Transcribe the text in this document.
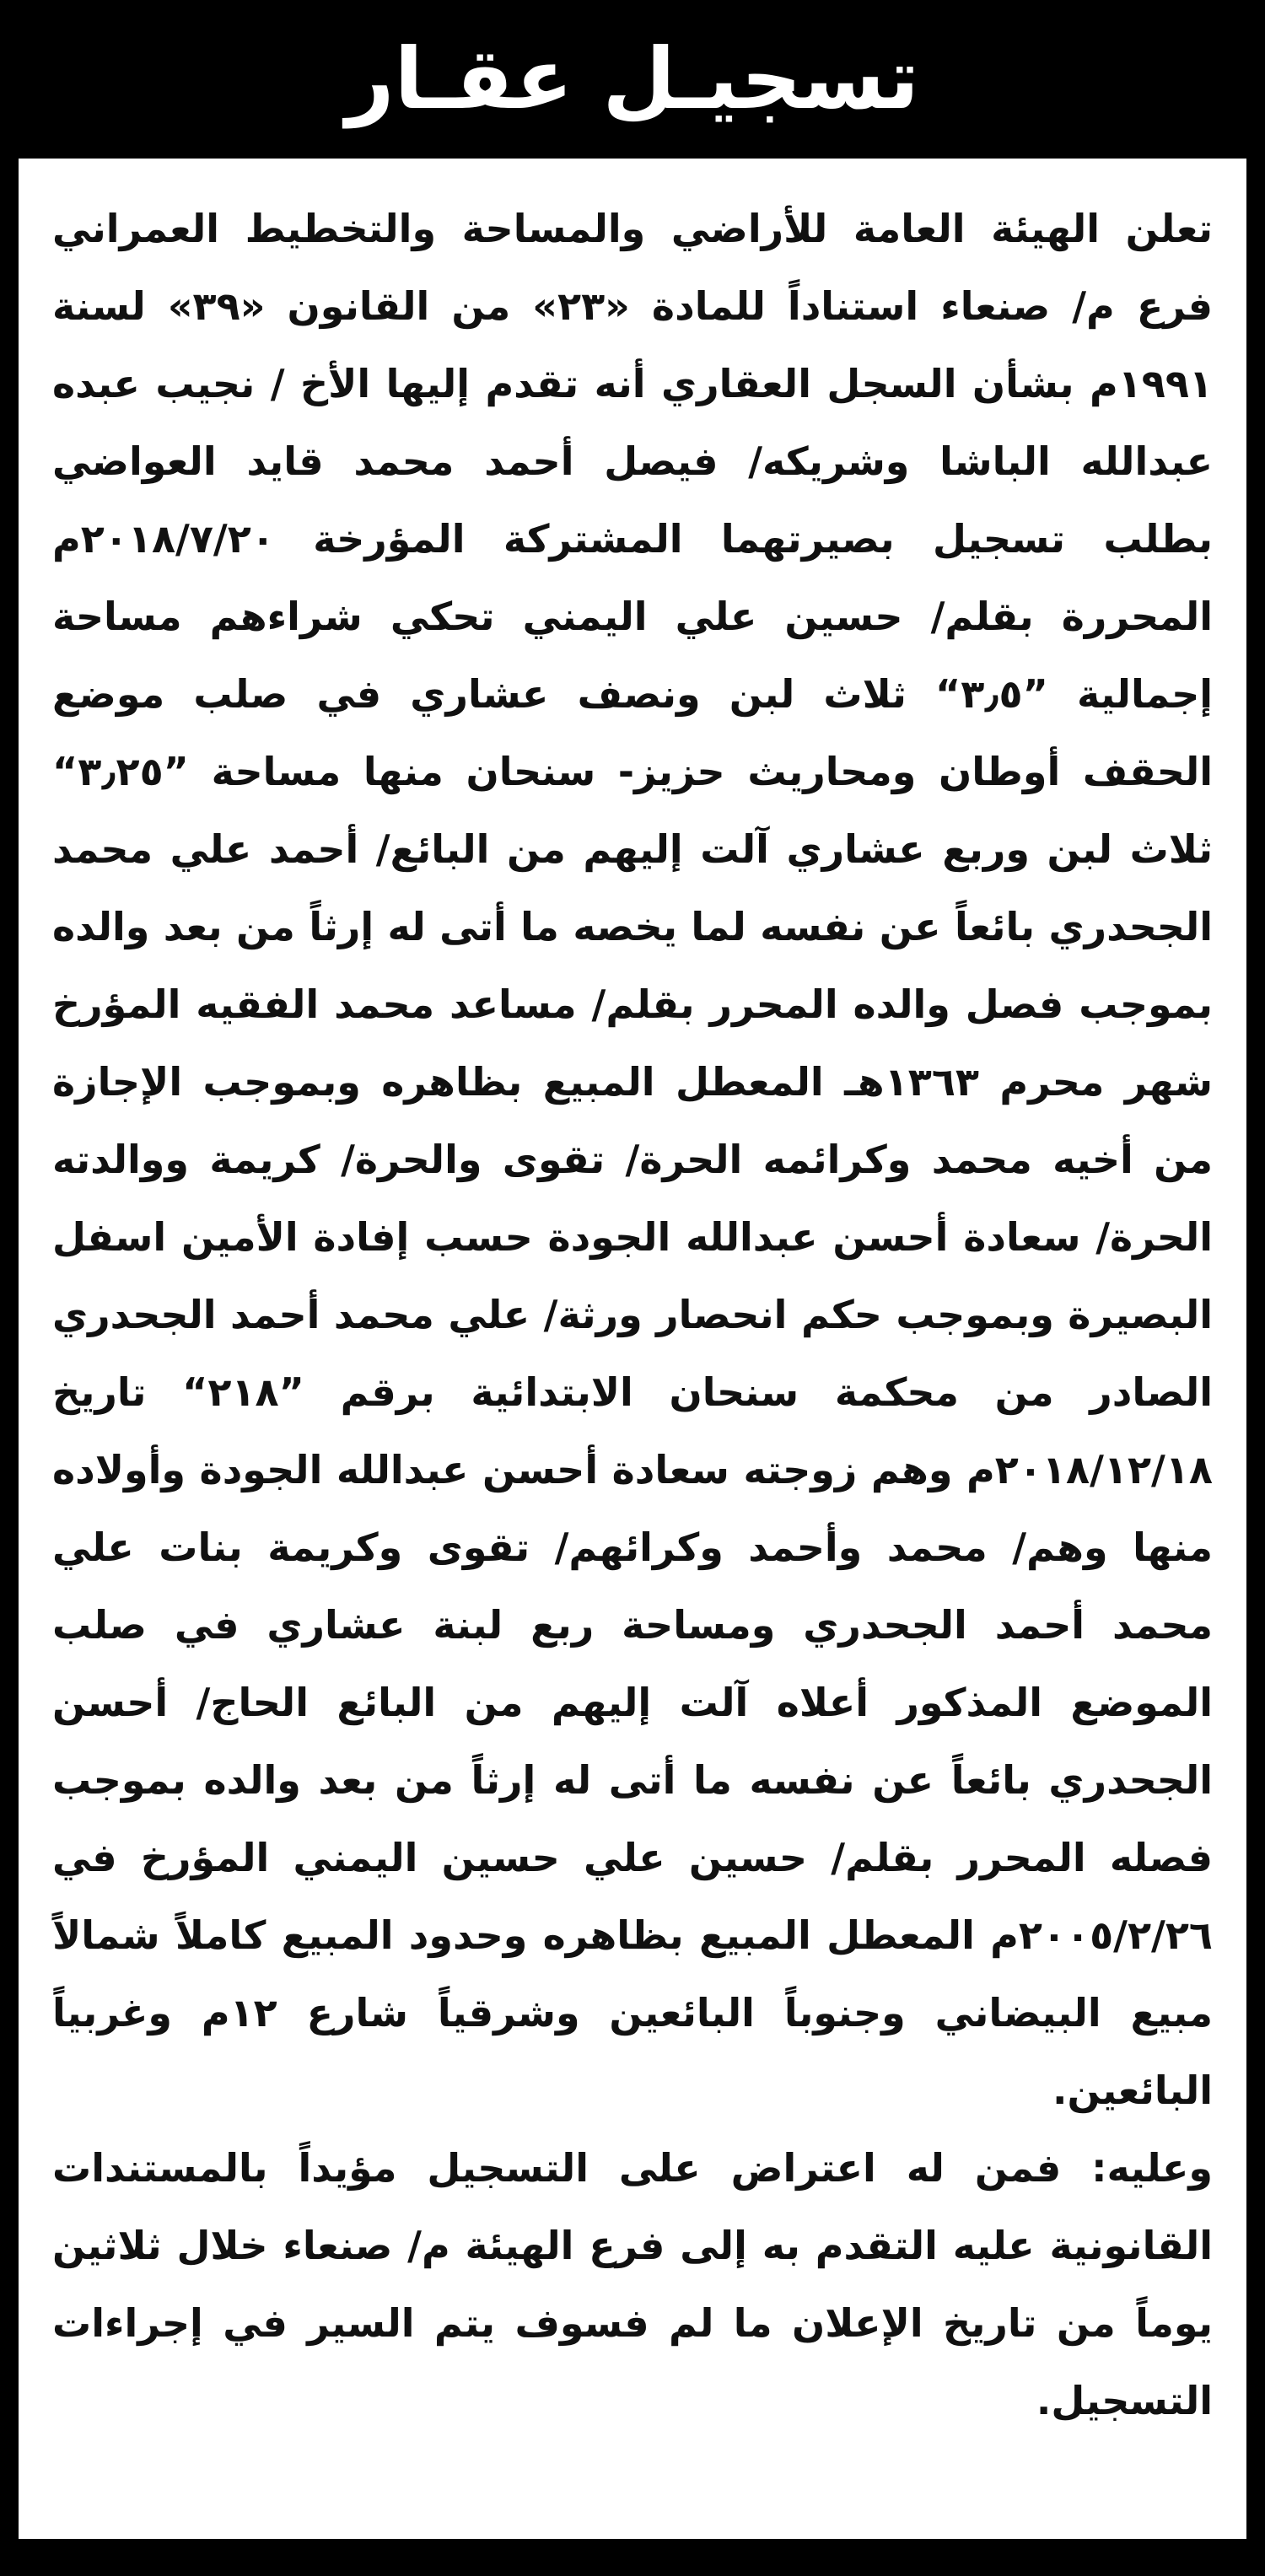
تسجيـل عقـار

تعلن الهيئة العامة للأراضي والمساحة والتخطيط العمراني فرع م/ صنعاء استناداً للمادة «٢٣» من القانون «٣٩» لسنة ١٩٩١م بشأن السجل العقاري أنه تقدم إليها الأخ / نجيب عبده عبدالله الباشا وشريكه/ فيصل أحمد محمد قايد العواضي بطلب تسجيل بصيرتهما المشتركة المؤرخة ٢٠١٨/٧/٢٠م المحررة بقلم/ حسين علي اليمني تحكي شراءهم مساحة إجمالية ”٣٫٥“ ثلاث لبن ونصف عشاري في صلب موضع الحقف أوطان ومحاريث حزيز- سنحان منها مساحة ”٣٫٢٥“ ثلاث لبن وربع عشاري آلت إليهم من البائع/ أحمد علي محمد الجحدري بائعاً عن نفسه لما يخصه ما أتى له إرثاً من بعد والده بموجب فصل والده المحرر بقلم/ مساعد محمد الفقيه المؤرخ شهر محرم ١٣٦٣هـ المعطل المبيع بظاهره وبموجب الإجازة من أخيه محمد وكرائمه الحرة/ تقوى والحرة/ كريمة ووالدته الحرة/ سعادة أحسن عبدالله الجودة حسب إفادة الأمين اسفل البصيرة وبموجب حكم انحصار ورثة/ علي محمد أحمد الجحدري الصادر من محكمة سنحان الابتدائية برقم ”٢١٨“ تاريخ ٢٠١٨/١٢/١٨م وهم زوجته سعادة أحسن عبدالله الجودة وأولاده منها وهم/ محمد وأحمد وكرائهم/ تقوى وكريمة بنات علي محمد أحمد الجحدري ومساحة ربع لبنة عشاري في صلب الموضع المذكور أعلاه آلت إليهم من البائع الحاج/ أحسن الجحدري بائعاً عن نفسه ما أتى له إرثاً من بعد والده بموجب فصله المحرر بقلم/ حسين علي حسين اليمني المؤرخ في ٢٠٠٥/٢/٢٦م المعطل المبيع بظاهره وحدود المبيع كاملاً شمالاً مبيع البيضاني وجنوباً البائعين وشرقياً شارع ١٢م وغربياً البائعين.

وعليه: فمن له اعتراض على التسجيل مؤيداً بالمستندات القانونية عليه التقدم به إلى فرع الهيئة م/ صنعاء خلال ثلاثين يوماً من تاريخ الإعلان ما لم فسوف يتم السير في إجراءات التسجيل.
